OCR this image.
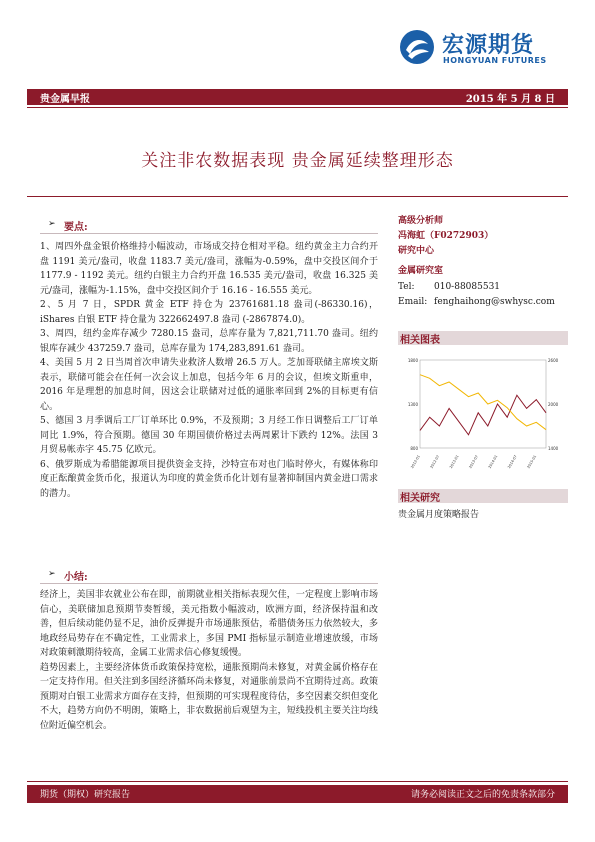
宏源期货
HONGYUAN FUTURES
贵金属早报	2015 年 5 月 8 日
关注非农数据表现 贵金属延续整理形态
➢ 要点:

1、周四外盘金银价格维持小幅波动，市场成交持仓相对平稳。纽约黄金主力合约开盘 1191 美元/盎司，收盘 1183.7 美元/盎司，涨幅为-0.59%，盘中交投区间介于 1177.9 - 1192 美元。纽约白银主力合约开盘 16.535 美元/盎司，收盘 16.325 美元/盎司，涨幅为-1.15%，盘中交投区间介于 16.16 - 16.555 美元。

2、5 月 7 日，SPDR 黄金 ETF 持仓为 23761681.18 盎司(-86330.16)，iShares 白银 ETF 持仓量为 322662497.8 盎司 (-2867874.0)。

3、周四，纽约金库存减少 7280.15 盎司，总库存量为 7,821,711.70 盎司。纽约银库存减少 437259.7 盎司，总库存量为 174,283,891.61 盎司。

4、美国 5 月 2 日当周首次申请失业救济人数增 26.5 万人。芝加哥联储主席埃文斯表示，联储可能会在任何一次会议上加息，包括今年 6 月的会议，但埃文斯重申，2016 年是理想的加息时间，因这会让联储对过低的通胀率回到 2%的目标更有信心。

5、德国 3 月季调后工厂订单环比 0.9%，不及预期；3 月经工作日调整后工厂订单同比 1.9%，符合预期。德国 30 年期国债价格过去两周累计下跌约 12%。法国 3 月贸易帐赤字 45.75 亿欧元。

6、俄罗斯成为希腊能源项目提供资金支持，沙特宣布对也门临时停火，有媒体称印度正酝酿黄金货币化，报道认为印度的黄金货币化计划有显著抑制国内黄金进口需求的潜力。

➢ 小结:

经济上，美国非农就业公布在即，前期就业相关指标表现欠佳，一定程度上影响市场信心，美联储加息预期节奏暂缓，美元指数小幅波动，欧洲方面，经济保持温和改善，但后续动能仍显不足，油价反弹提升市场通胀预估，希腊债务压力依然较大，多地政经局势存在不确定性，工业需求上，多国 PMI 指标显示制造业增速放缓，市场对政策刺激期待较高，金属工业需求信心修复缓慢。

趋势因素上，主要经济体货币政策保持宽松，通胀预期尚未修复，对黄金属价格存在一定支持作用。但关注到多国经济循环尚未修复，对通胀前景尚不宜期待过高。政策预期对白银工业需求方面存在支持，但预期的可实现程度待估，多空因素交织但变化不大，趋势方向仍不明朗，策略上，非农数据前后观望为主，短线投机主要关注均线位附近偏空机会。

高级分析师
冯海虹（F0272903）
研究中心
金属研究室
Tel: 010-88085531
Email: fenghaihong@swhysc.com
相关图表
800
1300
1800
1400
2000
2600
2012-01 2012-07 2013-01 2013-07 2014-01 2014-07 2015-01
相关研究
贵金属月度策略报告
期货（期权）研究报告	请务必阅读正文之后的免责条款部分
